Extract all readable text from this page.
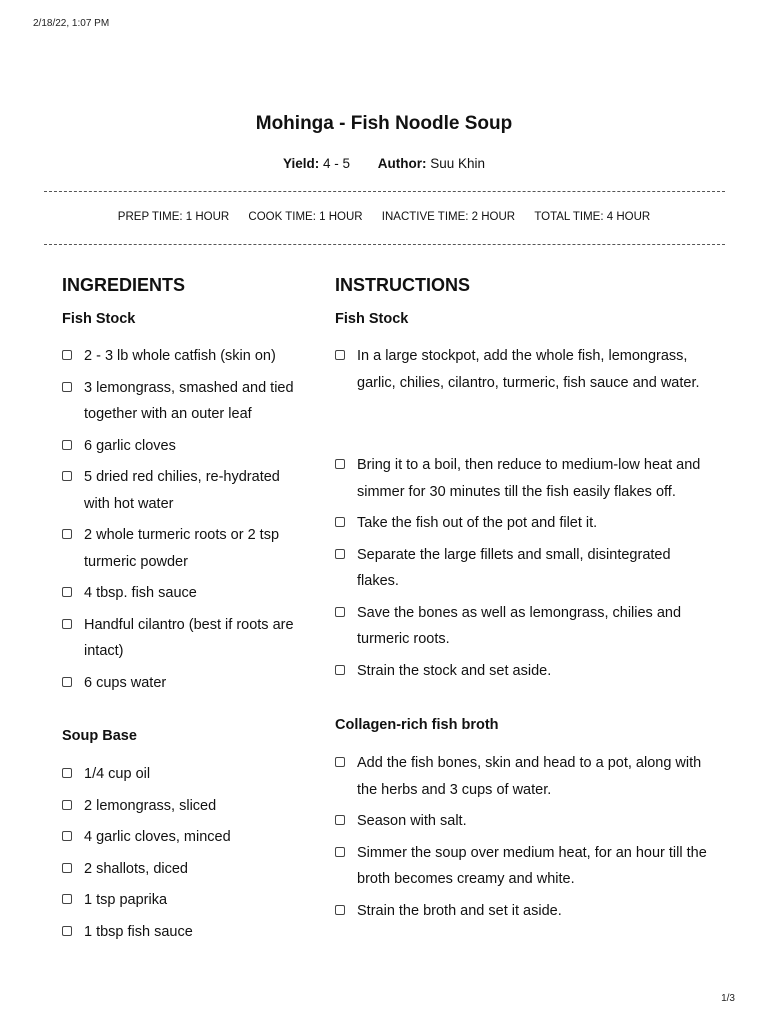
2/18/22, 1:07 PM
Mohinga - Fish Noodle Soup
Yield: 4 - 5 Author: Suu Khin
PREP TIME: 1 HOUR COOK TIME: 1 HOUR INACTIVE TIME: 2 HOUR TOTAL TIME: 4 HOUR
INGREDIENTS
Fish Stock
2 - 3 lb whole catfish (skin on)
3 lemongrass, smashed and tied together with an outer leaf
6 garlic cloves
5 dried red chilies, re-hydrated with hot water
2 whole turmeric roots or 2 tsp turmeric powder
4 tbsp. fish sauce
Handful cilantro (best if roots are intact)
6 cups water
Soup Base
1/4 cup oil
2 lemongrass, sliced
4 garlic cloves, minced
2 shallots, diced
1 tsp paprika
1 tbsp fish sauce
INSTRUCTIONS
Fish Stock
In a large stockpot, add the whole fish, lemongrass, garlic, chilies, cilantro, turmeric, fish sauce and water.
Bring it to a boil, then reduce to medium-low heat and simmer for 30 minutes till the fish easily flakes off.
Take the fish out of the pot and filet it.
Separate the large fillets and small, disintegrated flakes.
Save the bones as well as lemongrass, chilies and turmeric roots.
Strain the stock and set aside.
Collagen-rich fish broth
Add the fish bones, skin and head to a pot, along with the herbs and 3 cups of water.
Season with salt.
Simmer the soup over medium heat, for an hour till the broth becomes creamy and white.
Strain the broth and set it aside.
1/3
